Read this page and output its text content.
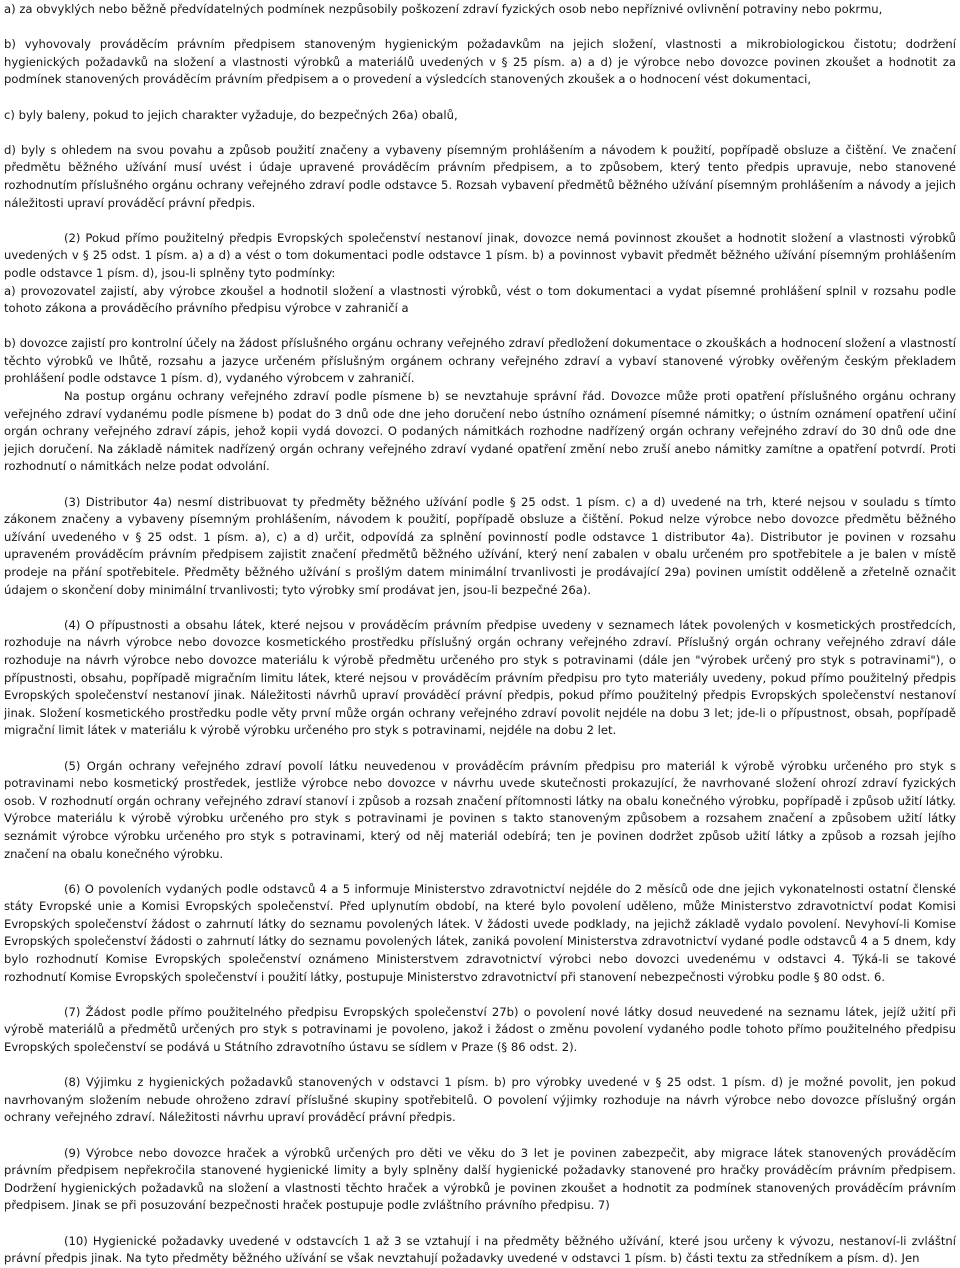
a) za obvyklých nebo běžně předvídatelných podmínek nezpůsobily poškození zdraví fyzických osob nebo nepříznivé ovlivnění potraviny nebo pokrmu,

b) vyhovovaly prováděcím právním předpisem stanoveným hygienickým požadavkům na jejich složení, vlastnosti a mikrobiologickou čistotu; dodržení hygienických požadavků na složení a vlastnosti výrobků a materiálů uvedených v § 25 písm. a) a d) je výrobce nebo dovozce povinen zkoušet a hodnotit za podmínek stanovených prováděcím právním předpisem a o provedení a výsledcích stanovených zkoušek a o hodnocení vést dokumentaci,

c) byly baleny, pokud to jejich charakter vyžaduje, do bezpečných 26a) obalů,

d) byly s ohledem na svou povahu a způsob použití značeny a vybaveny písemným prohlášením a návodem k použití, popřípadě obsluze a čištění. Ve značení předmětu běžného užívání musí uvést i údaje upravené prováděcím právním předpisem, a to způsobem, který tento předpis upravuje, nebo stanovené rozhodnutím příslušného orgánu ochrany veřejného zdraví podle odstavce 5. Rozsah vybavení předmětů běžného užívání písemným prohlášením a návody a jejich náležitosti upraví prováděcí právní předpis.

(2) Pokud přímo použitelný předpis Evropských společenství nestanoví jinak, dovozce nemá povinnost zkoušet a hodnotit složení a vlastnosti výrobků uvedených v § 25 odst. 1 písm. a) a d) a vést o tom dokumentaci podle odstavce 1 písm. b) a povinnost vybavit předmět běžného užívání písemným prohlášením podle odstavce 1 písm. d), jsou-li splněny tyto podmínky:

a) provozovatel zajistí, aby výrobce zkoušel a hodnotil složení a vlastnosti výrobků, vést o tom dokumentaci a vydat písemné prohlášení splnil v rozsahu podle tohoto zákona a prováděcího právního předpisu výrobce v zahraničí a

b) dovozce zajistí pro kontrolní účely na žádost příslušného orgánu ochrany veřejného zdraví předložení dokumentace o zkouškách a hodnocení složení a vlastností těchto výrobků ve lhůtě, rozsahu a jazyce určeném příslušným orgánem ochrany veřejného zdraví a vybaví stanovené výrobky ověřeným českým překladem prohlášení podle odstavce 1 písm. d), vydaného výrobcem v zahraničí.

Na postup orgánu ochrany veřejného zdraví podle písmene b) se nevztahuje správní řád. Dovozce může proti opatření příslušného orgánu ochrany veřejného zdraví vydanému podle písmene b) podat do 3 dnů ode dne jeho doručení nebo ústního oznámení písemné námitky; o ústním oznámení opatření učiní orgán ochrany veřejného zdraví zápis, jehož kopii vydá dovozci. O podaných námitkách rozhodne nadřízený orgán ochrany veřejného zdraví do 30 dnů ode dne jejich doručení. Na základě námitek nadřízený orgán ochrany veřejného zdraví vydané opatření změní nebo zruší anebo námitky zamítne a opatření potvrdí. Proti rozhodnutí o námitkách nelze podat odvolání.

(3) Distributor 4a) nesmí distribuovat ty předměty běžného užívání podle § 25 odst. 1 písm. c) a d) uvedené na trh, které nejsou v souladu s tímto zákonem značeny a vybaveny písemným prohlášením, návodem k použití, popřípadě obsluze a čištění. Pokud nelze výrobce nebo dovozce předmětu běžného užívání uvedeného v § 25 odst. 1 písm. a), c) a d) určit, odpovídá za splnění povinností podle odstavce 1 distributor 4a). Distributor je povinen v rozsahu upraveném prováděcím právním předpisem zajistit značení předmětů běžného užívání, který není zabalen v obalu určeném pro spotřebitele a je balen v místě prodeje na přání spotřebitele. Předměty běžného užívání s prošlým datem minimální trvanlivosti je prodávající 29a) povinen umístit odděleně a zřetelně označit údajem o skončení doby minimální trvanlivosti; tyto výrobky smí prodávat jen, jsou-li bezpečné 26a).

(4) O přípustnosti a obsahu látek, které nejsou v prováděcím právním předpise uvedeny v seznamech látek povolených v kosmetických prostředcích, rozhoduje na návrh výrobce nebo dovozce kosmetického prostředku příslušný orgán ochrany veřejného zdraví. Příslušný orgán ochrany veřejného zdraví dále rozhoduje na návrh výrobce nebo dovozce materiálu k výrobě předmětu určeného pro styk s potravinami (dále jen "výrobek určený pro styk s potravinami"), o přípustnosti, obsahu, popřípadě migračním limitu látek, které nejsou v prováděcím právním předpisu pro tyto materiály uvedeny, pokud přímo použitelný předpis Evropských společenství nestanoví jinak. Náležitosti návrhů upraví prováděcí právní předpis, pokud přímo použitelný předpis Evropských společenství nestanoví jinak. Složení kosmetického prostředku podle věty první může orgán ochrany veřejného zdraví povolit nejdéle na dobu 3 let; jde-li o přípustnost, obsah, popřípadě migrační limit látek v materiálu k výrobě výrobku určeného pro styk s potravinami, nejdéle na dobu 2 let.

(5) Orgán ochrany veřejného zdraví povolí látku neuvedenou v prováděcím právním předpisu pro materiál k výrobě výrobku určeného pro styk s potravinami nebo kosmetický prostředek, jestliže výrobce nebo dovozce v návrhu uvede skutečnosti prokazující, že navrhované složení ohrozí zdraví fyzických osob. V rozhodnutí orgán ochrany veřejného zdraví stanoví i způsob a rozsah značení přítomnosti látky na obalu konečného výrobku, popřípadě i způsob užití látky. Výrobce materiálu k výrobě výrobku určeného pro styk s potravinami je povinen s takto stanoveným způsobem a rozsahem značení a způsobem užití látky seznámit výrobce výrobku určeného pro styk s potravinami, který od něj materiál odebírá; ten je povinen dodržet způsob užití látky a způsob a rozsah jejího značení na obalu konečného výrobku.

(6) O povoleních vydaných podle odstavců 4 a 5 informuje Ministerstvo zdravotnictví nejdéle do 2 měsíců ode dne jejich vykonatelnosti ostatní členské státy Evropské unie a Komisi Evropských společenství. Před uplynutím období, na které bylo povolení uděleno, může Ministerstvo zdravotnictví podat Komisi Evropských společenství žádost o zahrnutí látky do seznamu povolených látek. V žádosti uvede podklady, na jejichž základě vydalo povolení. Nevyhoví-li Komise Evropských společenství žádosti o zahrnutí látky do seznamu povolených látek, zaniká povolení Ministerstva zdravotnictví vydané podle odstavců 4 a 5 dnem, kdy bylo rozhodnutí Komise Evropských společenství oznámeno Ministerstvem zdravotnictví výrobci nebo dovozci uvedenému v odstavci 4. Týká-li se takové rozhodnutí Komise Evropských společenství i použití látky, postupuje Ministerstvo zdravotnictví při stanovení nebezpečnosti výrobku podle § 80 odst. 6.

(7) Žádost podle přímo použitelného předpisu Evropských společenství 27b) o povolení nové látky dosud neuvedené na seznamu látek, jejíž užití při výrobě materiálů a předmětů určených pro styk s potravinami je povoleno, jakož i žádost o změnu povolení vydaného podle tohoto přímo použitelného předpisu Evropských společenství se podává u Státního zdravotního ústavu se sídlem v Praze (§ 86 odst. 2).

(8) Výjimku z hygienických požadavků stanovených v odstavci 1 písm. b) pro výrobky uvedené v § 25 odst. 1 písm. d) je možné povolit, jen pokud navrhovaným složením nebude ohroženo zdraví příslušné skupiny spotřebitelů. O povolení výjimky rozhoduje na návrh výrobce nebo dovozce příslušný orgán ochrany veřejného zdraví. Náležitosti návrhu upraví prováděcí právní předpis.

(9) Výrobce nebo dovozce hraček a výrobků určených pro děti ve věku do 3 let je povinen zabezpečit, aby migrace látek stanovených prováděcím právním předpisem nepřekročila stanovené hygienické limity a byly splněny další hygienické požadavky stanovené pro hračky prováděcím právním předpisem. Dodržení hygienických požadavků na složení a vlastnosti těchto hraček a výrobků je povinen zkoušet a hodnotit za podmínek stanovených prováděcím právním předpisem. Jinak se při posuzování bezpečnosti hraček postupuje podle zvláštního právního předpisu. 7)

(10) Hygienické požadavky uvedené v odstavcích 1 až 3 se vztahují i na předměty běžného užívání, které jsou určeny k vývozu, nestanoví-li zvláštní právní předpis jinak. Na tyto předměty běžného užívání se však nevztahují požadavky uvedené v odstavci 1 písm. b) části textu za středníkem a písm. d). Jen
